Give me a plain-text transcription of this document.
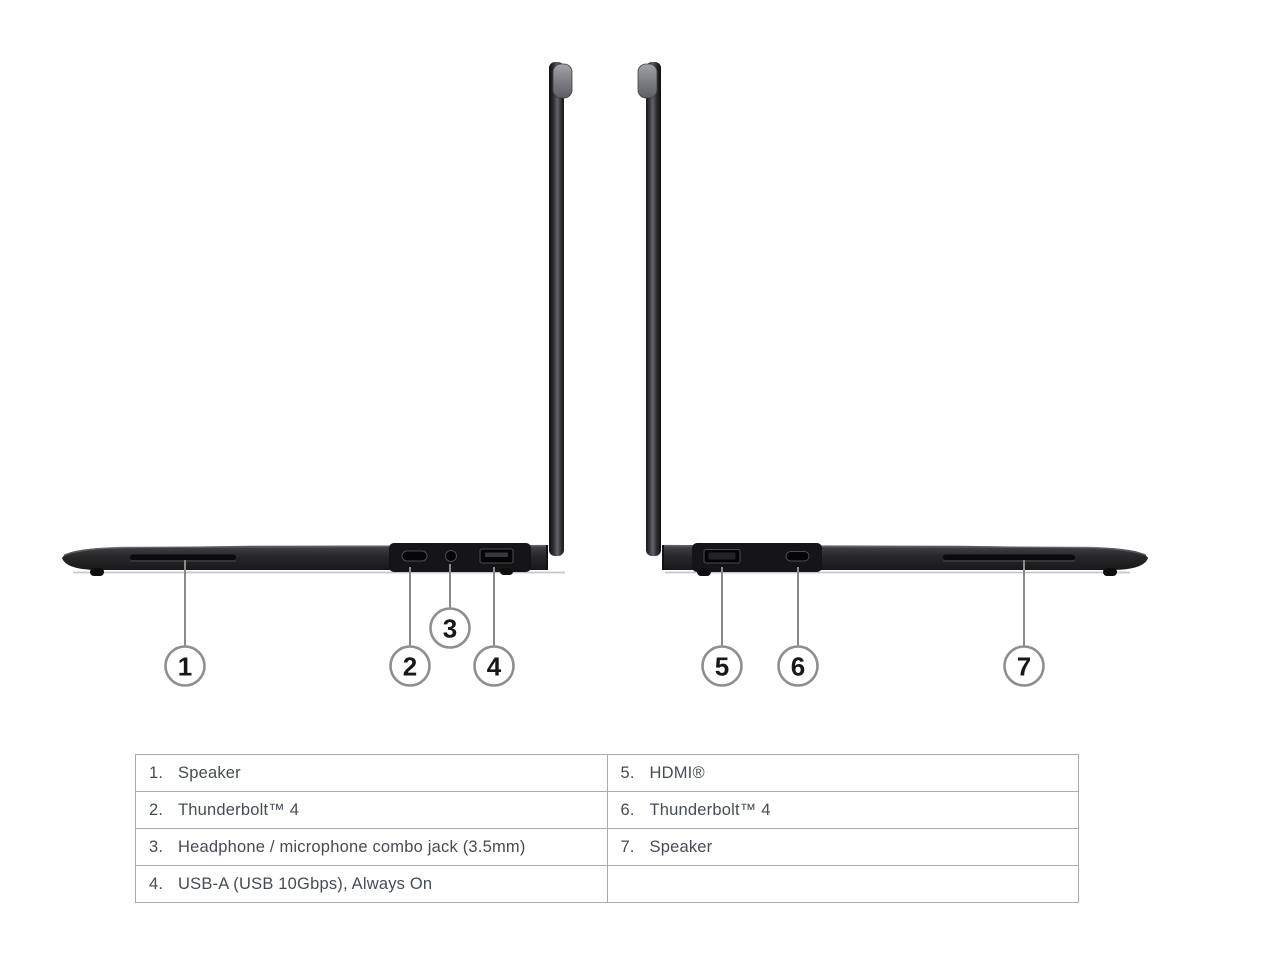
1	2
3
4	5 6	7
1. Speaker	5. HDMI®
2. Thunderbolt™ 4	6. Thunderbolt™ 4
3. Headphone / microphone combo jack (3.5mm)	7. Speaker
4. USB-A (USB 10Gbps), Always On	
